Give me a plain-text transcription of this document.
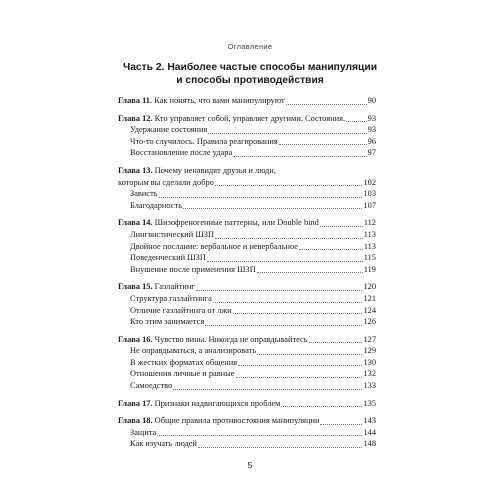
Оглавление
Часть 2. Наиболее частые способы манипуляции
и способы противодействия
Глава 11. Как понять, что вами манипулируют	90
Глава 12. Кто управляет собой, управляет другими. Состояния.	93
Удержание состояния	93
Что-то случилось. Правила реагирования	96
Восстановление после удара	97
Глава 13. Почему ненавидят друзья и люди,
которым вы сделали добро	102
Зависть	103
Благодарность	107
Глава 14. Шизофреногенные паттерны, или Double bind	112
Лингвистический ШЗП	113
Двойное послание: вербальное и невербальное	113
Поведенческий ШЗП	115
Внушение после применения ШЗП	119
Глава 15. Газлайтинг	120
Структура газлайтинга	121
Отличие газлайтинга от лжи	124
Кто этим занимается	126
Глава 16. Чувство вины. Никогда не оправдывайтесь	127
Не оправдываться, а анализировать	129
В жестких форматах общения	130
Отношения личные и равные	132
Самоедство	133
Глава 17. Признаки надвигающихся проблем	135
Глава 18. Общие правила противостояния манипуляции	143
Защита	144
Как изучать людей	148
5
